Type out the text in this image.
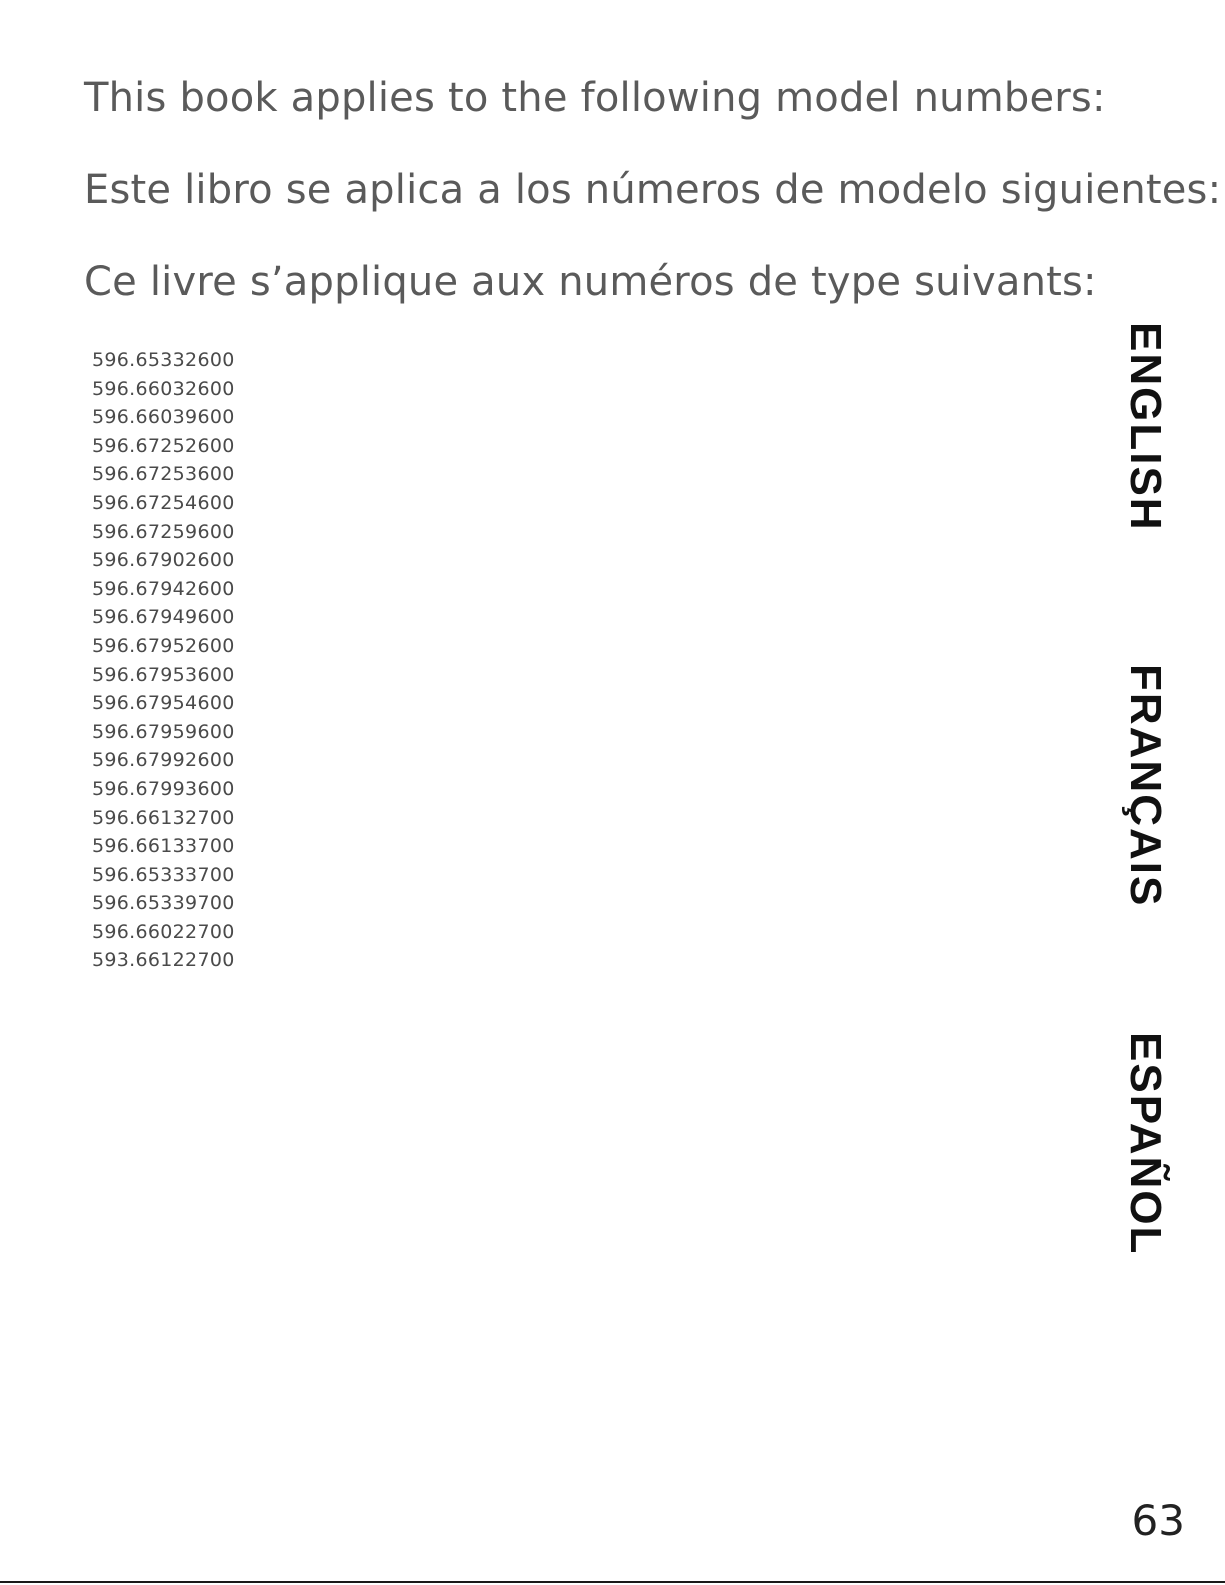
This book applies to the following model numbers:
Este libro se aplica a los números de modelo siguientes:
Ce livre s’applique aux numéros de type suivants:
596.65332600
596.66032600
596.66039600
596.67252600
596.67253600
596.67254600
596.67259600
596.67902600
596.67942600
596.67949600
596.67952600
596.67953600
596.67954600
596.67959600
596.67992600
596.67993600
596.66132700
596.66133700
596.65333700
596.65339700
596.66022700
593.66122700
ENGLISH
FRANÇAIS
ESPAÑOL
63
